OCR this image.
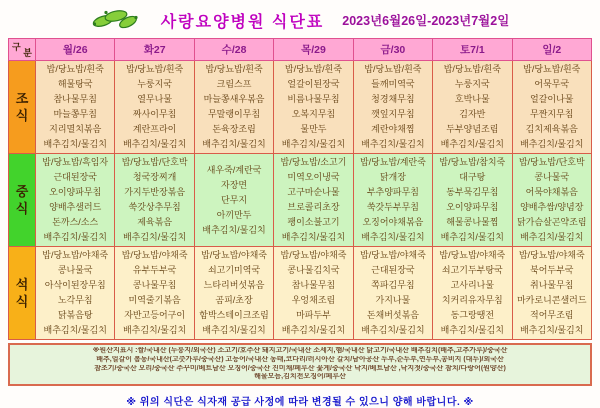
사랑요양병원 식단표 2023년6월26일-2023년7월2일
구
분	월/26	화27	수/28	목/29	금/30	토7/1	일/2

조
식

밥/당뇨밥/흰죽
해물탕국
참나물무침
마늘쫑무침
지리멸치볶음
배추김치/물김치

밥/당뇨밥/흰죽
누룽지국
열무나물
짜사이무침
계란프라이
배추김치/물김치

밥/당뇨밥/흰죽
크림스프
마늘쫑새우볶음
무말랭이무침
돈육장조림
배추김치/물김치

밥/당뇨밥/흰죽
얼갈이된장국
비름나물무침
오복지무침
물만두
배추김치/물김치

밥/당뇨밥/흰죽
들깨미역국
청경채무침
깻잎지무침
계란야채찜
배추김치/물김치

밥/당뇨밥/흰죽
누룽지국
호박나물
김자반
두부양념조림
배추김치/물김치

밥/당뇨밥/흰죽
어묵무국
얼갈이나물
무짠지무침
김치제육볶음
배추김치/물김치

중
식

밥/당뇨밥/흑임자
근대된장국
오이양파무침
양배추샐러드
돈까스/소스
배추김치/물김치

밥/당뇨밥/단호박
청국장찌개
가지두반장볶음
쑥갓상추무침
제육볶음
배추김치/물김치

새우죽/계란국
자장면
단무지
아끼만두
배추김치/물김치

밥/당뇨밥/소고기
미역오이냉국
고구마순나물
브로콜리초장
팽이소불고기
배추김치/물김치

밥/당뇨밥/계란죽
닭개장
부추양파무침
쑥갓두부무침
오징어야채볶음
배추김치/물김치

밥/당뇨밥/참치죽
대구탕
동부묵김무침
오이양파무침
해물콩나물찜
배추김치/물김치

밥/당뇨밥/단호박
콩나물국
어묵야채볶음
양배추쌈/양념장
닭가슴살곤약조림
배추김치/물김치

석
식

밥/당뇨밥/야채죽
콩나물국
아삭이된장무침
노각무침
닭볶음탕
배추김치/물김치

밥/당뇨밥/야채죽
유부두부국
콩나물무침
미역줄기볶음
자반고등어구이
배추김치/물김치

밥/당뇨밥/야채죽
쇠고기미역국
느타리버섯볶음
곰피/초장
함박스테이크조림
배추김치/물김치

밥/당뇨밥/야채죽
콩나물김치국
참나물무침
우엉채조림
마파두부
배추김치/물김치

밥/당뇨밥/야채죽
근대된장국
쪽파김무침
가지나물
돈채버섯볶음
배추김치/물김치

밥/당뇨밥/야채죽
쇠고기두부탕국
고사리나물
치커리유자무침
동그랑땡전
배추김치/물김치

밥/당뇨밥/야채죽
북어두부국
취나물무침
마카로니콘샐러드
적어무조림
배추김치/물김치
※원산지표시 :쌀/국내산 (누룽지/외국산) 소고기/호주산 돼지고기/국내산 소세지,햄/국내산 닭고기/국내산 배추김치(배추,고추가루)/중국산
배추,얼갈이 봄동/국내산(고춧가루/중국산) 고등어/국내산 동태,코다리/러시아산 갈치/남아공산 두부,순두부,연두부,콩비지 (대두)/외국산
참조기/중국산 오리/중국산 주꾸미/베트남산 오징어/중국산 진미채/페루산 꽃게/중국산 낙지/베트남산 ,낙지젓/중국산 참치/다랑어(원양산)
해물모듬,김치전오징어/페루산
※ 위의 식단은 식자재 공급 사정에 따라 변경될 수 있으니 양해 바랍니다. ※
